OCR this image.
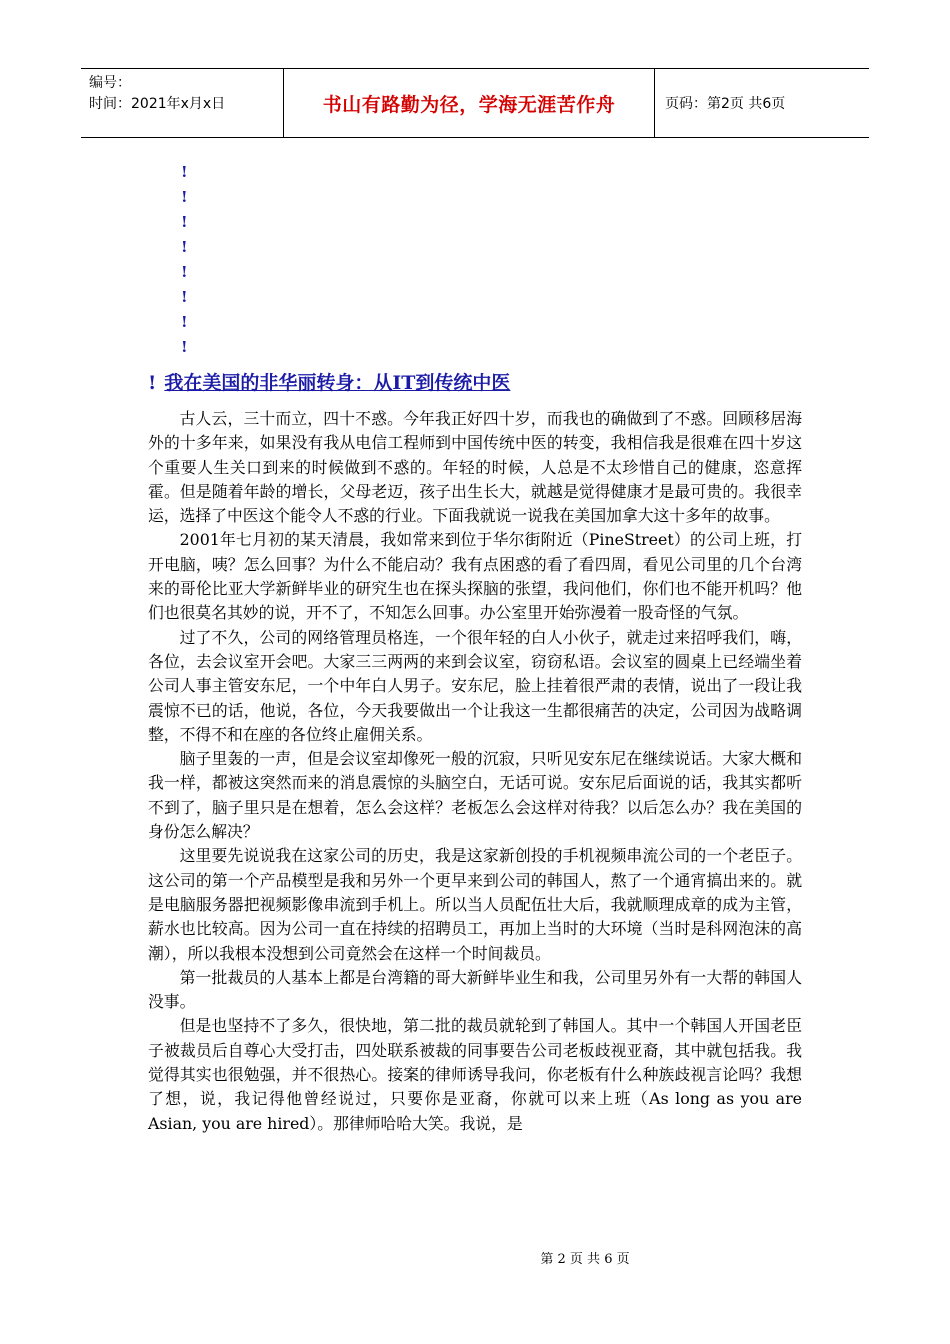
编号：
时间：2021年x月x日	书山有路勤为径，学海无涯苦作舟	页码：第2页 共6页
!
!
!
!
!
!
!
!
! 我在美国的非华丽转身：从IT到传统中医

古人云，三十而立，四十不惑。今年我正好四十岁，而我也的确做到了不惑。回顾移居海外的十多年来，如果没有我从电信工程师到中国传统中医的转变，我相信我是很难在四十岁这个重要人生关口到来的时候做到不惑的。年轻的时候，人总是不太珍惜自己的健康，恣意挥霍。但是随着年龄的增长，父母老迈，孩子出生长大，就越是觉得健康才是最可贵的。我很幸运，选择了中医这个能令人不惑的行业。下面我就说一说我在美国加拿大这十多年的故事。

2001年七月初的某天清晨，我如常来到位于华尔街附近（PineStreet）的公司上班，打开电脑，咦？怎么回事？为什么不能启动？我有点困惑的看了看四周，看见公司里的几个台湾来的哥伦比亚大学新鲜毕业的研究生也在探头探脑的张望，我问他们，你们也不能开机吗？他们也很莫名其妙的说，开不了，不知怎么回事。办公室里开始弥漫着一股奇怪的气氛。

过了不久，公司的网络管理员格连，一个很年轻的白人小伙子，就走过来招呼我们，嗨，各位，去会议室开会吧。大家三三两两的来到会议室，窃窃私语。会议室的圆桌上已经端坐着公司人事主管安东尼，一个中年白人男子。安东尼，脸上挂着很严肃的表情，说出了一段让我震惊不已的话，他说，各位，今天我要做出一个让我这一生都很痛苦的决定，公司因为战略调整，不得不和在座的各位终止雇佣关系。

脑子里轰的一声，但是会议室却像死一般的沉寂，只听见安东尼在继续说话。大家大概和我一样，都被这突然而来的消息震惊的头脑空白，无话可说。安东尼后面说的话，我其实都听不到了，脑子里只是在想着，怎么会这样？老板怎么会这样对待我？以后怎么办？我在美国的身份怎么解决？

这里要先说说我在这家公司的历史，我是这家新创投的手机视频串流公司的一个老臣子。这公司的第一个产品模型是我和另外一个更早来到公司的韩国人，熬了一个通宵搞出来的。就是电脑服务器把视频影像串流到手机上。所以当人员配伍壮大后，我就顺理成章的成为主管，薪水也比较高。因为公司一直在持续的招聘员工，再加上当时的大环境（当时是科网泡沫的高潮），所以我根本没想到公司竟然会在这样一个时间裁员。

第一批裁员的人基本上都是台湾籍的哥大新鲜毕业生和我，公司里另外有一大帮的韩国人没事。

但是也坚持不了多久，很快地，第二批的裁员就轮到了韩国人。其中一个韩国人开国老臣子被裁员后自尊心大受打击，四处联系被裁的同事要告公司老板歧视亚裔，其中就包括我。我觉得其实也很勉强，并不很热心。接案的律师诱导我问，你老板有什么种族歧视言论吗？我想了想，说，我记得他曾经说过，只要你是亚裔，你就可以来上班（As long as you are Asian, you are hired）。那律师哈哈大笑。我说，是

第 2 页 共 6 页
